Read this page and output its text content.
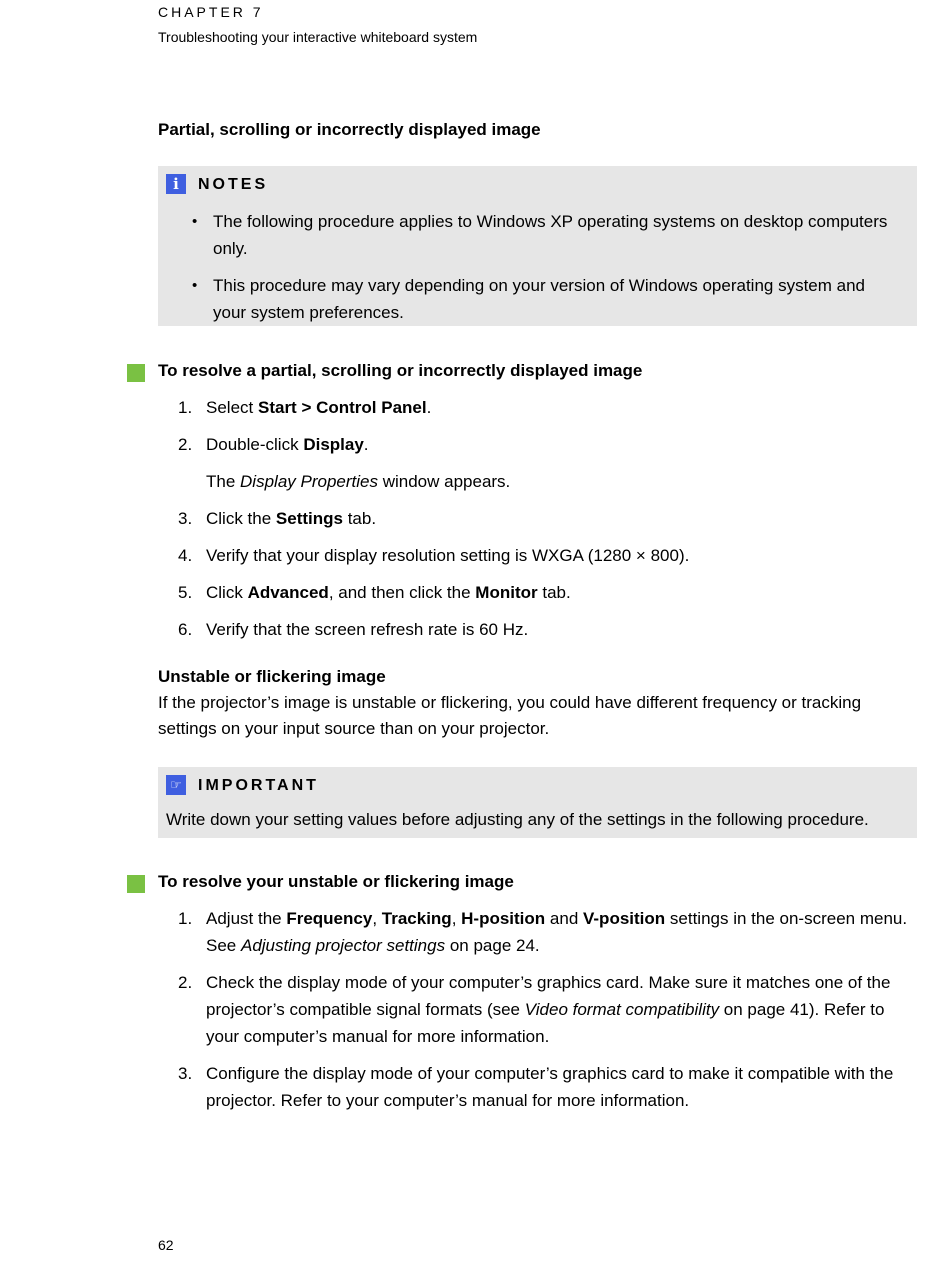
CHAPTER 7
Troubleshooting your interactive whiteboard system
Partial, scrolling or incorrectly displayed image
i	NOTES
• The following procedure applies to Windows XP operating systems on desktop computers only.
• This procedure may vary depending on your version of Windows operating system and your system preferences.
To resolve a partial, scrolling or incorrectly displayed image
1. Select Start > Control Panel.
2. Double-click Display.
The Display Properties window appears.
3. Click the Settings tab.
4. Verify that your display resolution setting is WXGA (1280 × 800).
5. Click Advanced, and then click the Monitor tab.
6. Verify that the screen refresh rate is 60 Hz.
Unstable or flickering image
If the projector’s image is unstable or flickering, you could have different frequency or tracking settings on your input source than on your projector.
☞ IMPORTANT
Write down your setting values before adjusting any of the settings in the following procedure.
To resolve your unstable or flickering image
1. Adjust the Frequency, Tracking, H-position and V-position settings in the on-screen menu. See Adjusting projector settings on page 24.
2. Check the display mode of your computer’s graphics card. Make sure it matches one of the projector’s compatible signal formats (see Video format compatibility on page 41). Refer to your computer’s manual for more information.
3. Configure the display mode of your computer’s graphics card to make it compatible with the projector. Refer to your computer’s manual for more information.
62
